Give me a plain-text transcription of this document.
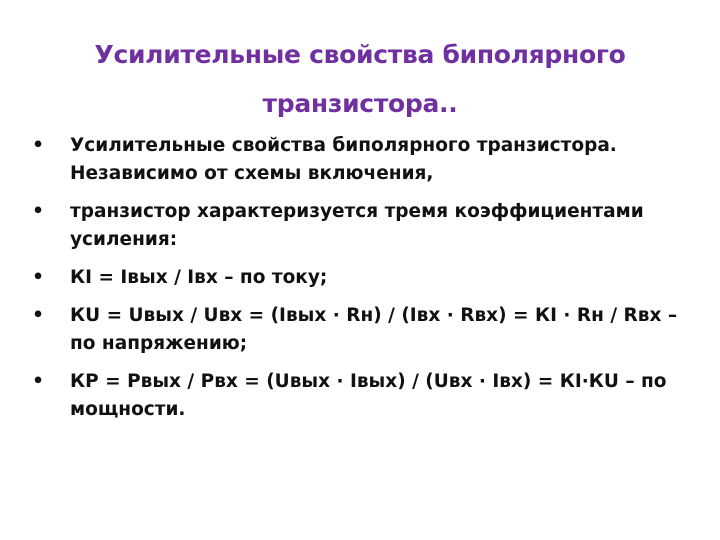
Усилительные свойства биполярного
транзистора..
•
Усилительные свойства биполярного транзистора. Независимо от схемы включения,
•
транзистор характеризуется тремя коэффициентами усиления:
•
КI = Iвых / Iвх – по току;
•
КU = Uвых / Uвх = (Iвых · Rн) / (Iвх · Rвх) = КI · Rн / Rвх – по напряжению;
•
КP = Pвых / Pвх = (Uвых · Iвых) / (Uвх · Iвх) = КI·КU – по мощности.
